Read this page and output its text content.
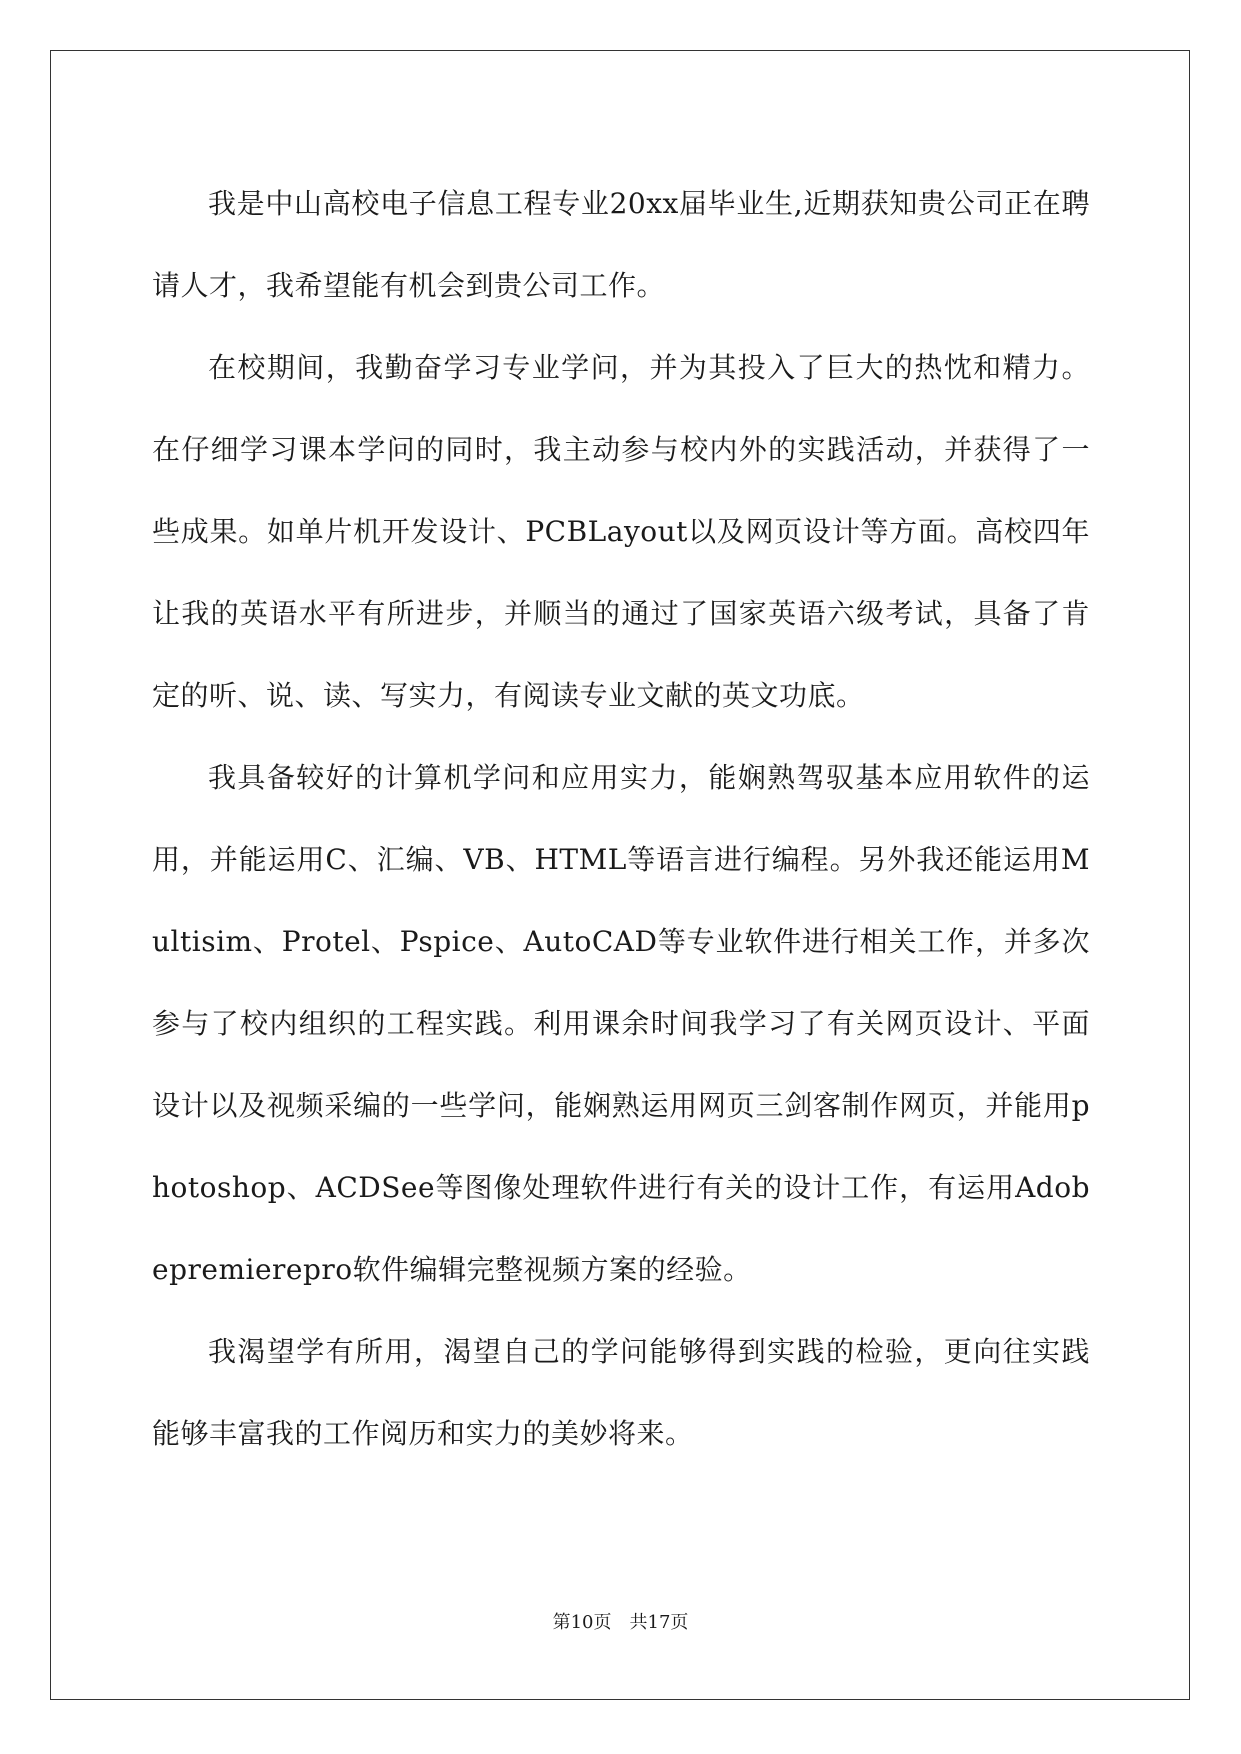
我是中山高校电子信息工程专业20xx届毕业生,近期获知贵公司正在聘请人才，我希望能有机会到贵公司工作。

在校期间，我勤奋学习专业学问，并为其投入了巨大的热忱和精力。在仔细学习课本学问的同时，我主动参与校内外的实践活动，并获得了一些成果。如单片机开发设计、PCBLayout以及网页设计等方面。高校四年让我的英语水平有所进步，并顺当的通过了国家英语六级考试，具备了肯定的听、说、读、写实力，有阅读专业文献的英文功底。

我具备较好的计算机学问和应用实力，能娴熟驾驭基本应用软件的运用，并能运用C、汇编、VB、HTML等语言进行编程。另外我还能运用Multisim、Protel、Pspice、AutoCAD等专业软件进行相关工作，并多次参与了校内组织的工程实践。利用课余时间我学习了有关网页设计、平面设计以及视频采编的一些学问，能娴熟运用网页三剑客制作网页，并能用photoshop、ACDSee等图像处理软件进行有关的设计工作，有运用Adobepremierepro软件编辑完整视频方案的经验。

我渴望学有所用，渴望自己的学问能够得到实践的检验，更向往实践能够丰富我的工作阅历和实力的美妙将来。

第10页 共17页
